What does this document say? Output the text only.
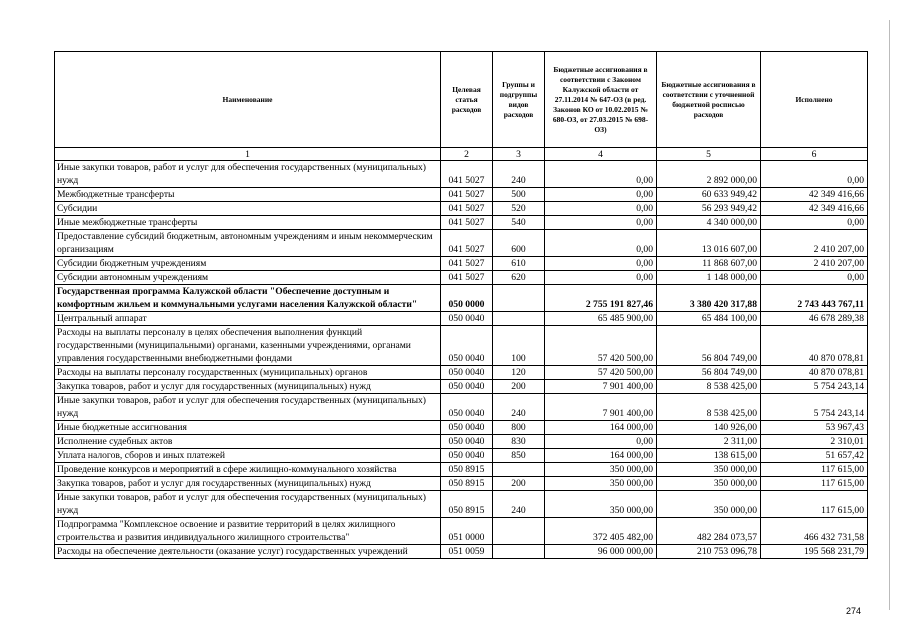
Наименование	Целевая статья расходов	Группы и подгруппы видов расходов	Бюджетные ассигнования в соответствии с Законом Калужской области от 27.11.2014 № 647-ОЗ (в ред. Законов КО от 10.02.2015 № 680-ОЗ, от 27.03.2015 № 698-ОЗ)	Бюджетные ассигнования в соответствии с уточненной бюджетной росписью расходов	Исполнено
1	2	3	4	5	6
Иные закупки товаров, работ и услуг для обеспечения государственных (муниципальных) нужд	041 5027	240	0,00	2 892 000,00	0,00
Межбюджетные трансферты	041 5027	500	0,00	60 633 949,42	42 349 416,66
Субсидии	041 5027	520	0,00	56 293 949,42	42 349 416,66
Иные межбюджетные трансферты	041 5027	540	0,00	4 340 000,00	0,00
Предоставление субсидий бюджетным, автономным учреждениям и иным некоммерческим организациям	041 5027	600	0,00	13 016 607,00	2 410 207,00
Субсидии бюджетным учреждениям	041 5027	610	0,00	11 868 607,00	2 410 207,00
Субсидии автономным учреждениям	041 5027	620	0,00	1 148 000,00	0,00
Государственная программа Калужской области "Обеспечение доступным и комфортным жильем и коммунальными услугами населения Калужской области"	050 0000		2 755 191 827,46	3 380 420 317,88	2 743 443 767,11
Центральный аппарат	050 0040		65 485 900,00	65 484 100,00	46 678 289,38
Расходы на выплаты персоналу в целях обеспечения выполнения функций государственными (муниципальными) органами, казенными учреждениями, органами управления государственными внебюджетными фондами	050 0040	100	57 420 500,00	56 804 749,00	40 870 078,81
Расходы на выплаты персоналу государственных (муниципальных) органов	050 0040	120	57 420 500,00	56 804 749,00	40 870 078,81
Закупка товаров, работ и услуг для государственных (муниципальных) нужд	050 0040	200	7 901 400,00	8 538 425,00	5 754 243,14
Иные закупки товаров, работ и услуг для обеспечения государственных (муниципальных) нужд	050 0040	240	7 901 400,00	8 538 425,00	5 754 243,14
Иные бюджетные ассигнования	050 0040	800	164 000,00	140 926,00	53 967,43
Исполнение судебных актов	050 0040	830	0,00	2 311,00	2 310,01
Уплата налогов, сборов и иных платежей	050 0040	850	164 000,00	138 615,00	51 657,42
Проведение конкурсов и мероприятий в сфере жилищно-коммунального хозяйства	050 8915		350 000,00	350 000,00	117 615,00
Закупка товаров, работ и услуг для государственных (муниципальных) нужд	050 8915	200	350 000,00	350 000,00	117 615,00
Иные закупки товаров, работ и услуг для обеспечения государственных (муниципальных) нужд	050 8915	240	350 000,00	350 000,00	117 615,00
Подпрограмма "Комплексное освоение и развитие территорий в целях жилищного строительства и развития индивидуального жилищного строительства"	051 0000		372 405 482,00	482 284 073,57	466 432 731,58
Расходы на обеспечение деятельности (оказание услуг) государственных учреждений	051 0059		96 000 000,00	210 753 096,78	195 568 231,79
274
